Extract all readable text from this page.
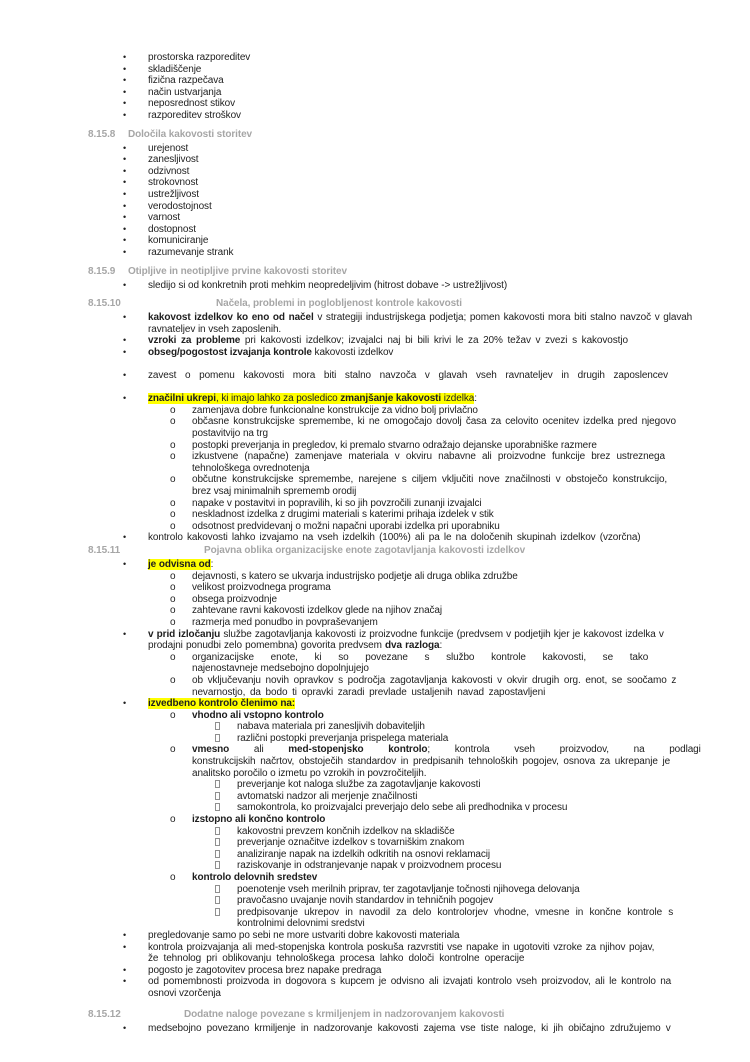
• prostorska razporeditev
• skladiščenje
• fizična razpečava
• način ustvarjanja
• neposrednost stikov
• razporeditev stroškov
8.15.8 Določila kakovosti storitev
• urejenost
• zanesljivost
• odzivnost
• strokovnost
• ustrežljivost
• verodostojnost
• varnost
• dostopnost
• komuniciranje
• razumevanje strank
8.15.9 Otipljive in neotipljive prvine kakovosti storitev
• sledijo si od konkretnih proti mehkim neopredeljivim (hitrost dobave -> ustrežljivost)
8.15.10	Načela, problemi in poglobljenost kontrole kakovosti
• kakovost izdelkov ko eno od načel v strategiji industrijskega podjetja; pomen kakovosti mora biti stalno navzoč v glavah
ravnateljev in vseh zaposlenih.
• vzroki za probleme pri kakovosti izdelkov; izvajalci naj bi bili krivi le za 20% težav v zvezi s kakovostjo
• obseg/pogostost izvajanja kontrole kakovosti izdelkov
• zavest o pomenu kakovosti mora biti stalno navzoča v glavah vseh ravnateljev in drugih zaposlencev
• značilni ukrepi, ki imajo lahko za posledico zmanjšanje kakovosti izdelka:
o zamenjava dobre funkcionalne konstrukcije za vidno bolj privlačno
o občasne konstrukcijske spremembe, ki ne omogočajo dovolj časa za celovito ocenitev izdelka pred njegovo
postavitvijo na trg
o postopki preverjanja in pregledov, ki premalo stvarno odražajo dejanske uporabniške razmere
o izkustvene (napačne) zamenjave materiala v okviru nabavne ali proizvodne funkcije brez ustreznega
tehnološkega ovrednotenja
o občutne konstrukcijske spremembe, narejene s ciljem vključiti nove značilnosti v obstoječo konstrukcijo,
brez vsaj minimalnih sprememb orodij
o napake v postavitvi in popravilih, ki so jih povzročili zunanji izvajalci
o neskladnost izdelka z drugimi materiali s katerimi prihaja izdelek v stik
o odsotnost predvidevanj o možni napačni uporabi izdelka pri uporabniku
• kontrolo kakovosti lahko izvajamo na vseh izdelkih (100%) ali pa le na določenih skupinah izdelkov (vzorčna)
8.15.11	Pojavna oblika organizacijske enote zagotavljanja kakovosti izdelkov
• je odvisna od:
o dejavnosti, s katero se ukvarja industrijsko podjetje ali druga oblika združbe
o velikost proizvodnega programa
o obsega proizvodnje
o zahtevane ravni kakovosti izdelkov glede na njihov značaj
o razmerja med ponudbo in povpraševanjem
• v prid izločanju službe zagotavljanja kakovosti iz proizvodne funkcije (predvsem v podjetjih kjer je kakovost izdelka v
prodajni ponudbi zelo pomembna) govorita predvsem dva razloga:
o organizacijske enote, ki so povezane s službo kontrole kakovosti, se tako
najenostavneje medsebojno dopolnjujejo
o ob vključevanju novih opravkov s področja zagotavljanja kakovosti v okvir drugih org. enot, se soočamo z
nevarnostjo, da bodo ti opravki zaradi prevlade ustaljenih navad zapostavljeni
• izvedbeno kontrolo členimo na:
o vhodno ali vstopno kontrolo
nabava materiala pri zanesljivih dobaviteljih
različni postopki preverjanja prispelega materiala
o vmesno ali med-stopenjsko kontrolo; kontrola vseh proizvodov, na podlagi
konstrukcijskih načrtov, obstoječih standardov in predpisanih tehnoloških pogojev, osnova za ukrepanje je
analitsko poročilo o izmetu po vzrokih in povzročiteljih.
preverjanje kot naloga službe za zagotavljanje kakovosti
avtomatski nadzor ali merjenje značilnosti
samokontrola, ko proizvajalci preverjajo delo sebe ali predhodnika v procesu
o izstopno ali končno kontrolo
kakovostni prevzem končnih izdelkov na skladišče
preverjanje označitve izdelkov s tovarniškim znakom
analiziranje napak na izdelkih odkritih na osnovi reklamacij
raziskovanje in odstranjevanje napak v proizvodnem procesu
o kontrolo delovnih sredstev
poenotenje vseh merilnih priprav, ter zagotavljanje točnosti njihovega delovanja
pravočasno uvajanje novih standardov in tehničnih pogojev
predpisovanje ukrepov in navodil za delo kontrolorjev vhodne, vmesne in končne kontrole s
kontrolnimi delovnimi sredstvi
• pregledovanje samo po sebi ne more ustvariti dobre kakovosti materiala
• kontrola proizvajanja ali med-stopenjska kontrola poskuša razvrstiti vse napake in ugotoviti vzroke za njihov pojav,
že tehnolog pri oblikovanju tehnološkega procesa lahko določi kontrolne operacije
• pogosto je zagotovitev procesa brez napake predraga
• od pomembnosti proizvoda in dogovora s kupcem je odvisno ali izvajati kontrolo vseh proizvodov, ali le kontrolo na
osnovi vzorčenja
8.15.12	Dodatne naloge povezane s krmiljenjem in nadzorovanjem kakovosti
• medsebojno povezano krmiljenje in nadzorovanje kakovosti zajema vse tiste naloge, ki jih običajno združujemo v
